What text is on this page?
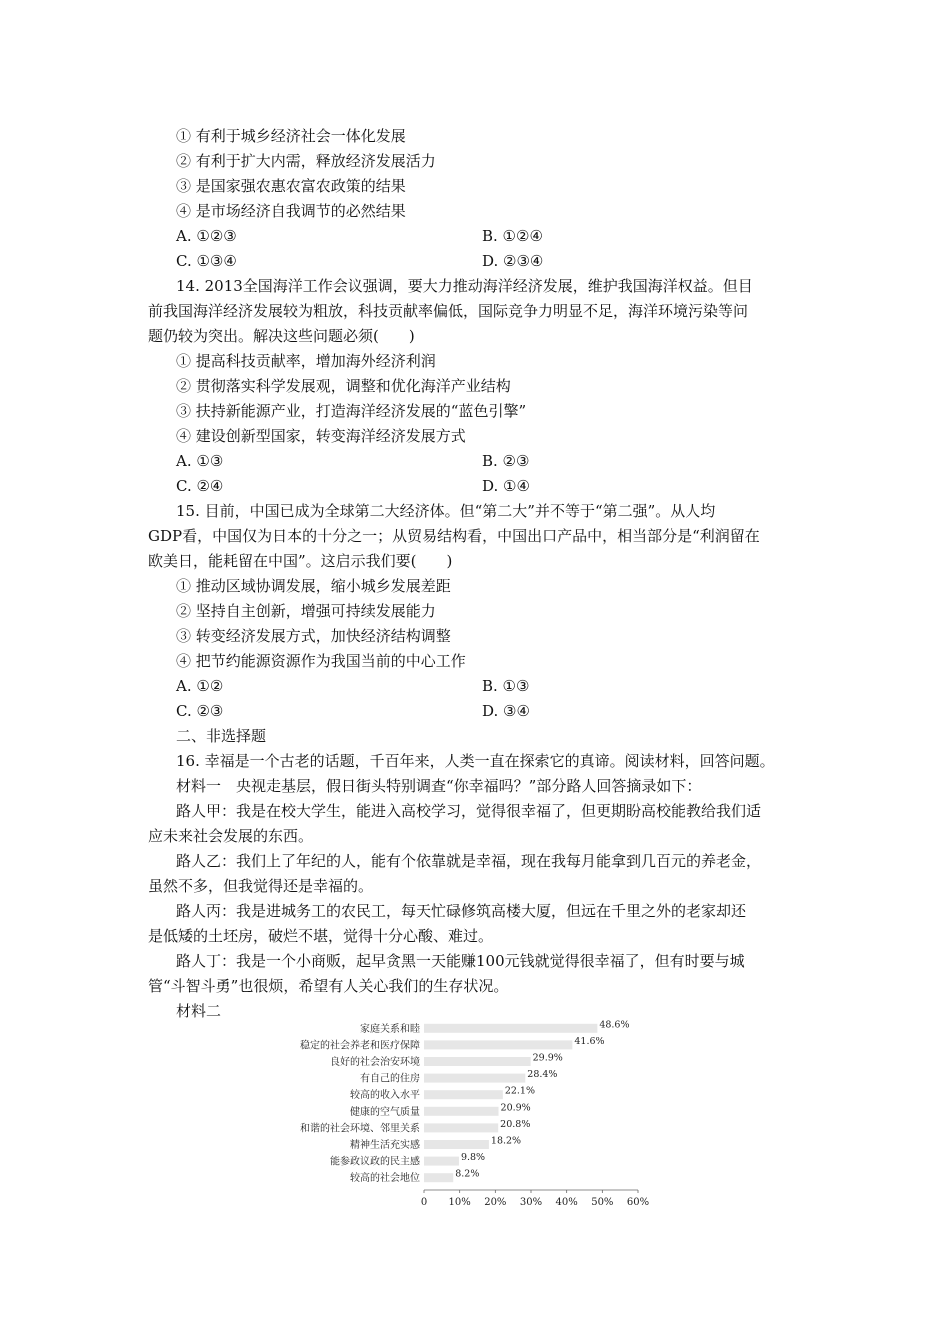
① 有利于城乡经济社会一体化发展
② 有利于扩大内需，释放经济发展活力
③ 是国家强农惠农富农政策的结果
④ 是市场经济自我调节的必然结果
A. ①②③	B. ①②④
C. ①③④	D. ②③④
14. 2013全国海洋工作会议强调，要大力推动海洋经济发展，维护我国海洋权益。但目
前我国海洋经济发展较为粗放，科技贡献率偏低，国际竞争力明显不足，海洋环境污染等问
题仍较为突出。解决这些问题必须(　　)
① 提高科技贡献率，增加海外经济利润
② 贯彻落实科学发展观，调整和优化海洋产业结构
③ 扶持新能源产业，打造海洋经济发展的“蓝色引擎”
④ 建设创新型国家，转变海洋经济发展方式
A. ①③	B. ②③
C. ②④	D. ①④
15. 目前，中国已成为全球第二大经济体。但“第二大”并不等于“第二强”。从人均
GDP看，中国仅为日本的十分之一；从贸易结构看，中国出口产品中，相当部分是“利润留在
欧美日，能耗留在中国”。这启示我们要(　　)
① 推动区域协调发展，缩小城乡发展差距
② 坚持自主创新，增强可持续发展能力
③ 转变经济发展方式，加快经济结构调整
④ 把节约能源资源作为我国当前的中心工作
A. ①②	B. ①③
C. ②③	D. ③④
二、非选择题
16. 幸福是一个古老的话题，千百年来，人类一直在探索它的真谛。阅读材料，回答问题。
材料一　央视走基层，假日街头特别调查“你幸福吗？”部分路人回答摘录如下：
路人甲：我是在校大学生，能进入高校学习，觉得很幸福了，但更期盼高校能教给我们适
应未来社会发展的东西。
路人乙：我们上了年纪的人，能有个依靠就是幸福，现在我每月能拿到几百元的养老金，
虽然不多，但我觉得还是幸福的。
路人丙：我是进城务工的农民工，每天忙碌修筑高楼大厦，但远在千里之外的老家却还
是低矮的土坯房，破烂不堪，觉得十分心酸、难过。
路人丁：我是一个小商贩，起早贪黑一天能赚100元钱就觉得很幸福了，但有时要与城
管“斗智斗勇”也很烦，希望有人关心我们的生存状况。
材料二
家庭关系和睦	48.6%
稳定的社会养老和医疗保障	41.6%
良好的社会治安环境	29.9%
有自己的住房	28.4%
较高的收入水平	22.1%
健康的空气质量	20.9%
和谐的社会环境、邻里关系	20.8%
精神生活充实感	18.2%
能参政议政的民主感	9.8%
较高的社会地位	8.2%
0 10% 20% 30% 40% 50% 60%
